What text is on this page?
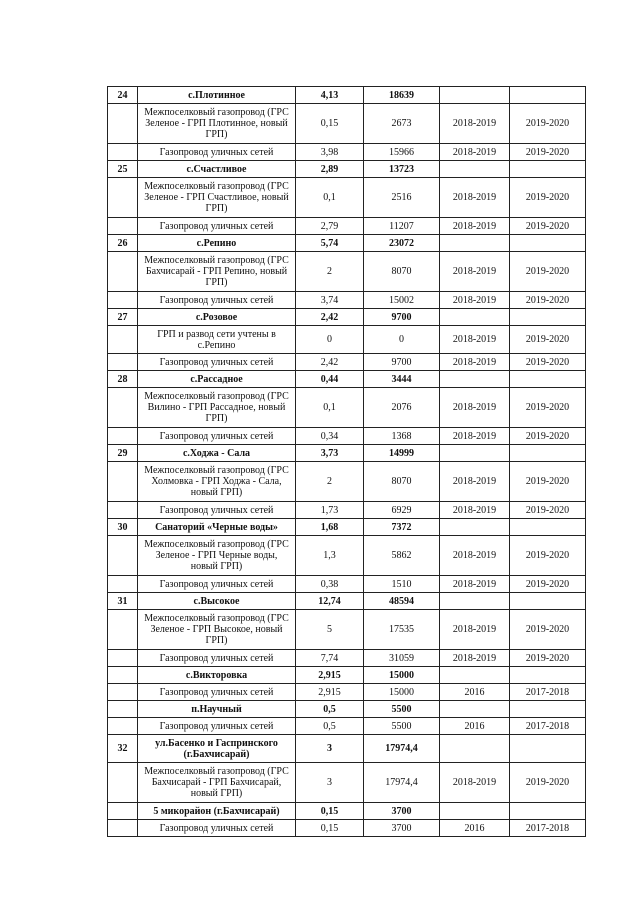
24	с.Плотинное	4,13	18639		
	Межпоселковый газопровод (ГРС Зеленое - ГРП Плотинное, новый ГРП)	0,15	2673	2018-2019	2019-2020
	Газопровод уличных сетей	3,98	15966	2018-2019	2019-2020
25	с.Счастливое	2,89	13723		
	Межпоселковый газопровод (ГРС Зеленое - ГРП Счастливое, новый ГРП)	0,1	2516	2018-2019	2019-2020
	Газопровод уличных сетей	2,79	11207	2018-2019	2019-2020
26	с.Репино	5,74	23072		
	Межпоселковый газопровод (ГРС Бахчисарай - ГРП Репино, новый ГРП)	2	8070	2018-2019	2019-2020
	Газопровод уличных сетей	3,74	15002	2018-2019	2019-2020
27	с.Розовое	2,42	9700		
	ГРП и развод сети учтены в с.Репино	0	0	2018-2019	2019-2020
	Газопровод уличных сетей	2,42	9700	2018-2019	2019-2020
28	с.Рассадное	0,44	3444		
	Межпоселковый газопровод (ГРС Вилино - ГРП Рассадное, новый ГРП)	0,1	2076	2018-2019	2019-2020
	Газопровод уличных сетей	0,34	1368	2018-2019	2019-2020
29	с.Ходжа - Сала	3,73	14999		
	Межпоселковый газопровод (ГРС Холмовка - ГРП Ходжа - Сала, новый ГРП)	2	8070	2018-2019	2019-2020
	Газопровод уличных сетей	1,73	6929	2018-2019	2019-2020
30	Санаторий «Черные воды»	1,68	7372		
	Межпоселковый газопровод (ГРС Зеленое - ГРП Черные воды, новый ГРП)	1,3	5862	2018-2019	2019-2020
	Газопровод уличных сетей	0,38	1510	2018-2019	2019-2020
31	с.Высокое	12,74	48594		
	Межпоселковый газопровод (ГРС Зеленое - ГРП Высокое, новый ГРП)	5	17535	2018-2019	2019-2020
	Газопровод уличных сетей	7,74	31059	2018-2019	2019-2020
	с.Викторовка	2,915	15000		
	Газопровод уличных сетей	2,915	15000	2016	2017-2018
	п.Научный	0,5	5500		
	Газопровод уличных сетей	0,5	5500	2016	2017-2018
32	ул.Басенко и Гаспринского (г.Бахчисарай)	3	17974,4		
	Межпоселковый газопровод (ГРС Бахчисарай - ГРП Бахчисарай, новый ГРП)	3	17974,4	2018-2019	2019-2020
	5 микорайон (г.Бахчисарай)	0,15	3700		
	Газопровод уличных сетей	0,15	3700	2016	2017-2018
